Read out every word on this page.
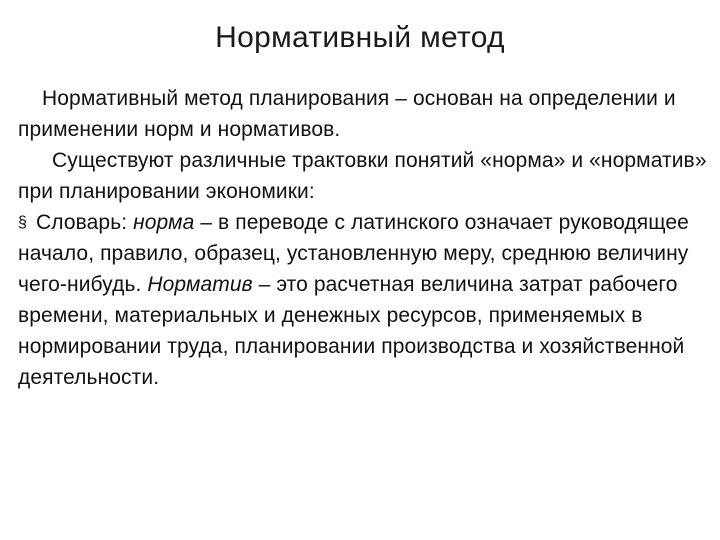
Нормативный метод

Нормативный метод планирования – основан на определении и применении норм и нормативов.

Существуют различные трактовки понятий «норма» и «норматив» при планировании экономики:

§ Словарь: норма – в переводе с латинского означает руководящее начало, правило, образец, установленную меру, среднюю величину чего-нибудь. Норматив – это расчетная величина затрат рабочего времени, материальных и денежных ресурсов, применяемых в нормировании труда, планировании производства и хозяйственной деятельности.
